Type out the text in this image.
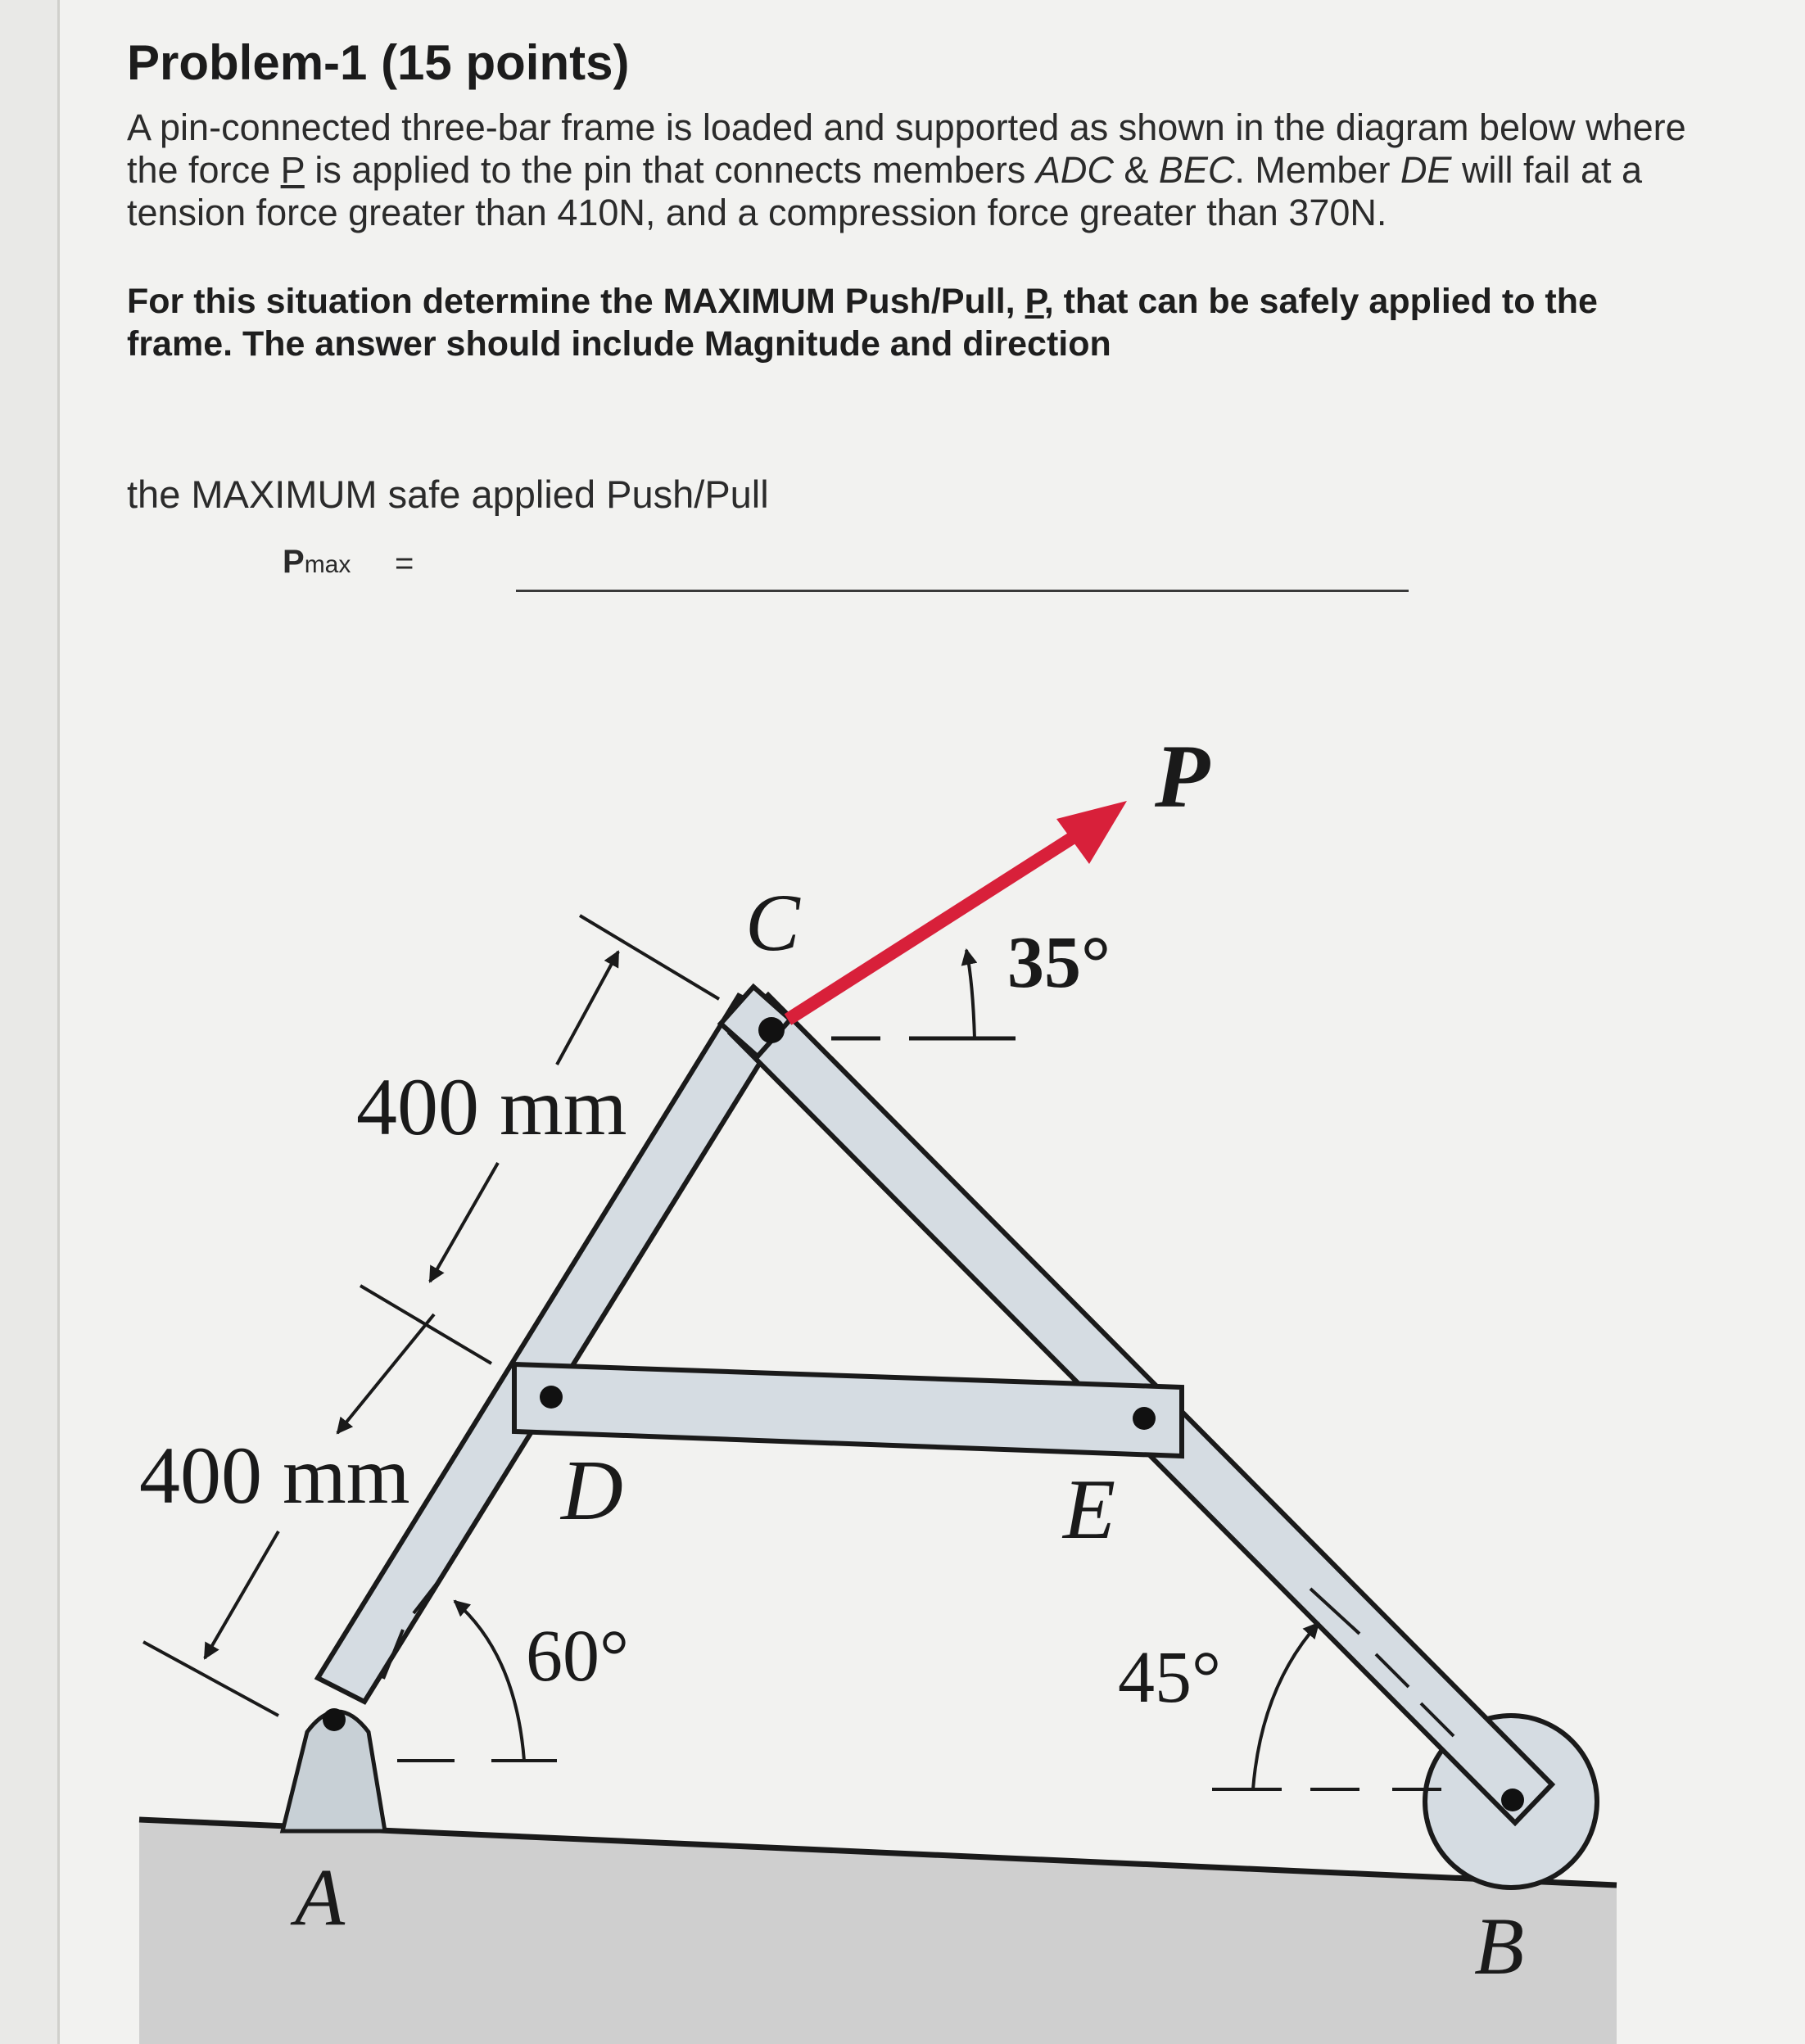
Problem-1 (15 points)
A pin-connected three-bar frame is loaded and supported as shown in the diagram below where
the force P is applied to the pin that connects members ADC & BEC. Member DE will fail at a
tension force greater than 410N, and a compression force greater than 370N.
For this situation determine the MAXIMUM Push/Pull, P, that can be safely applied to the
frame. The answer should include Magnitude and direction
the MAXIMUM safe applied Push/Pull
Pmax =
C
P
35°
400 mm
400 mm D	E
60°	45°
A
B
